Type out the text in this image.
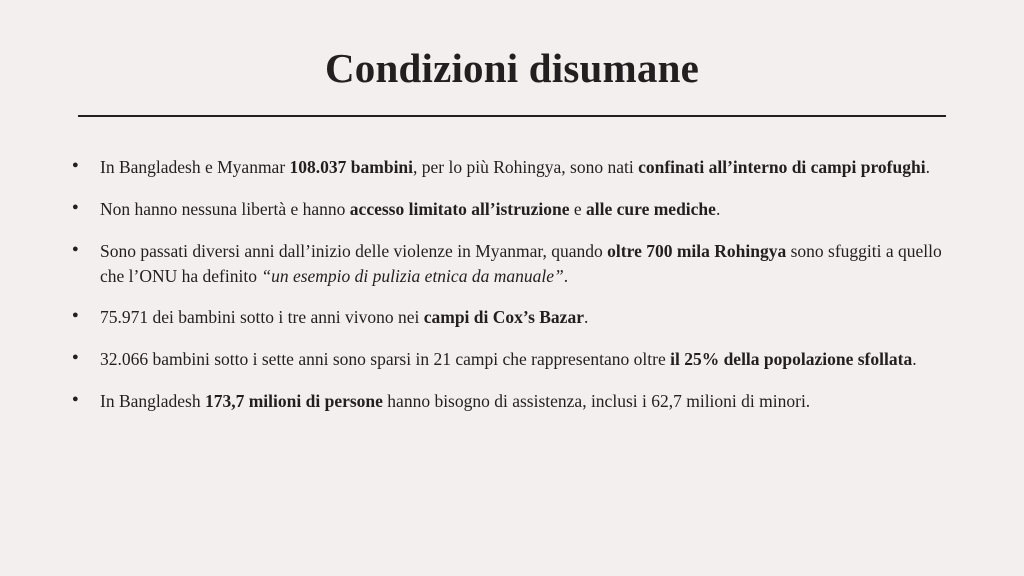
Condizioni disumane
● In Bangladesh e Myanmar 108.037 bambini, per lo più Rohingya, sono nati confinati all’interno di campi profughi.
● Non hanno nessuna libertà e hanno accesso limitato all’istruzione e alle cure mediche.
● Sono passati diversi anni dall’inizio delle violenze in Myanmar, quando oltre 700 mila Rohingya sono sfuggiti a quello che l’ONU ha definito “un esempio di pulizia etnica da manuale”.
● 75.971 dei bambini sotto i tre anni vivono nei campi di Cox’s Bazar.
● 32.066 bambini sotto i sette anni sono sparsi in 21 campi che rappresentano oltre il 25% della popolazione sfollata.
● In Bangladesh 173,7 milioni di persone hanno bisogno di assistenza, inclusi i 62,7 milioni di minori.
